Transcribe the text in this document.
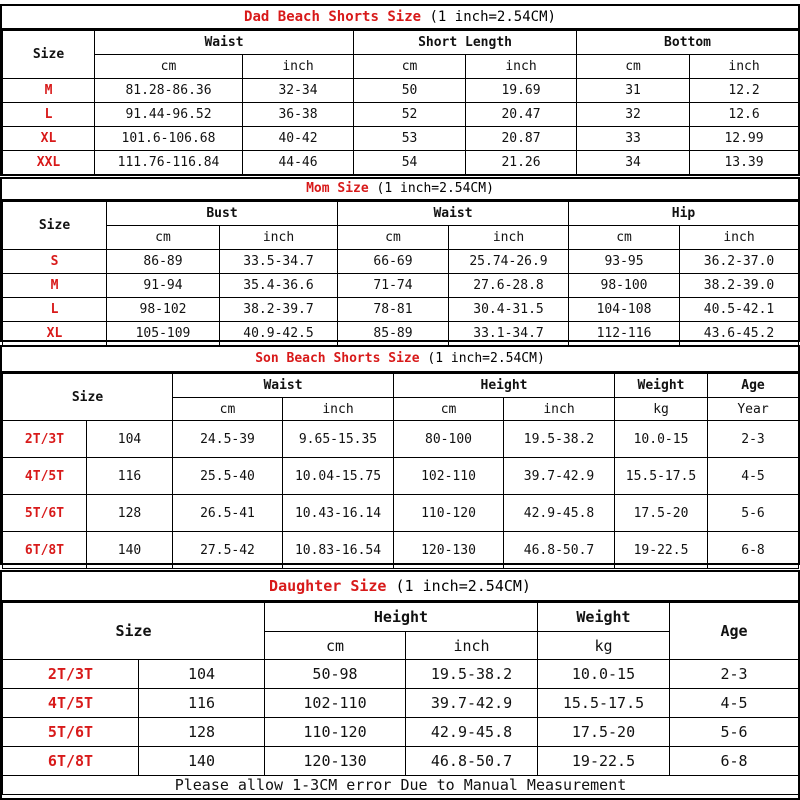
Dad Beach Shorts Size (1 inch=2.54CM)
Size	Waist		Short Length		Bottom	
	cm	inch	cm	inch	cm	inch
M	81.28-86.36	32-34	50	19.69	31	12.2
L	91.44-96.52	36-38	52	20.47	32	12.6
XL	101.6-106.68	40-42	53	20.87	33	12.99
XXL	111.76-116.84	44-46	54	21.26	34	13.39
Mom Size (1 inch=2.54CM)
Size	Bust		Waist		Hip	
	cm	inch	cm	inch	cm	inch
S	86-89	33.5-34.7	66-69	25.74-26.9	93-95	36.2-37.0
M	91-94	35.4-36.6	71-74	27.6-28.8	98-100	38.2-39.0
L	98-102	38.2-39.7	78-81	30.4-31.5	104-108	40.5-42.1
XL	105-109	40.9-42.5	85-89	33.1-34.7	112-116	43.6-45.2
Son Beach Shorts Size (1 inch=2.54CM)
Size		Waist		Height		Weight	Age
		cm	inch	cm	inch	kg	Year
2T/3T	104	24.5-39	9.65-15.35	80-100	19.5-38.2	10.0-15	2-3
4T/5T	116	25.5-40	10.04-15.75	102-110	39.7-42.9	15.5-17.5	4-5
5T/6T	128	26.5-41	10.43-16.14	110-120	42.9-45.8	17.5-20	5-6
6T/8T	140	27.5-42	10.83-16.54	120-130	46.8-50.7	19-22.5	6-8
Daughter Size (1 inch=2.54CM)
Size		Height		Weight	Age
		cm	inch	kg	
2T/3T	104	50-98	19.5-38.2	10.0-15	2-3
4T/5T	116	102-110	39.7-42.9	15.5-17.5	4-5
5T/6T	128	110-120	42.9-45.8	17.5-20	5-6
6T/8T	140	120-130	46.8-50.7	19-22.5	6-8
Please allow 1-3CM error Due to Manual Measurement					
